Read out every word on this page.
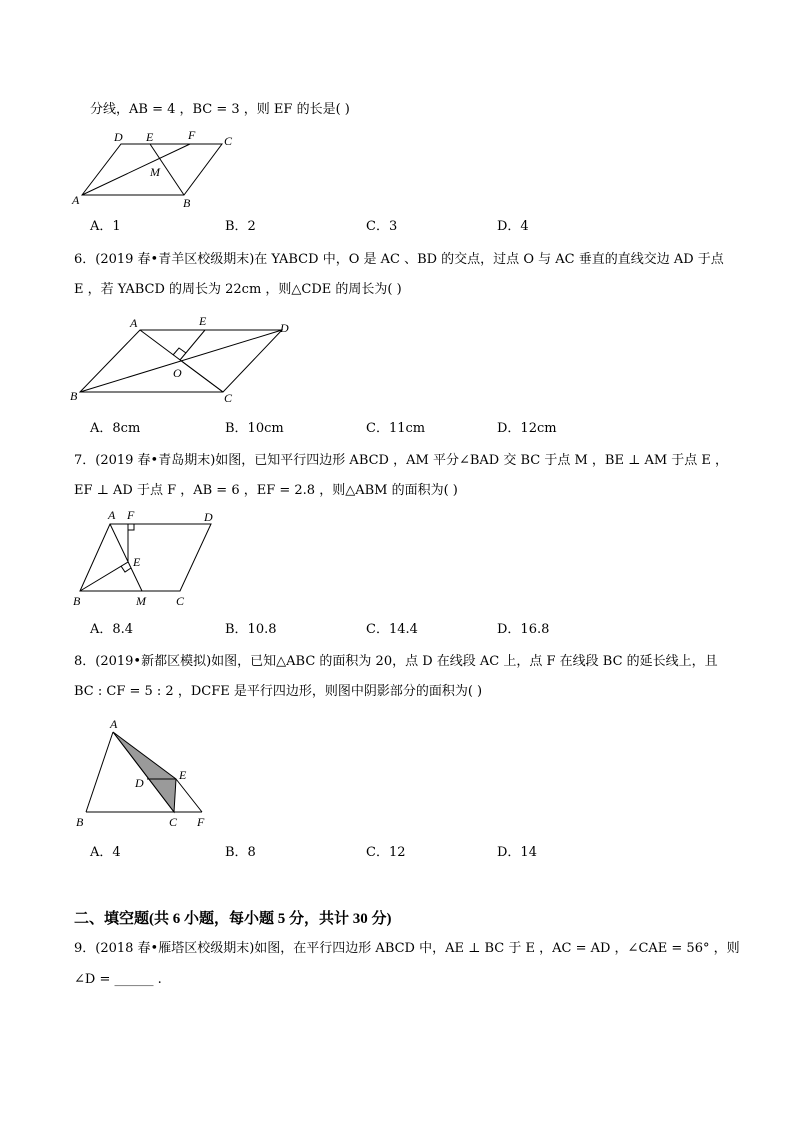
分线，AB = 4 ，BC = 3 ，则 EF 的长是( )
D E	F C
M
A	B
A．1	B．2	C．3	D．4
6．(2019 春•青羊区校级期末)在 YABCD 中，O 是 AC 、BD 的交点，过点 O 与 AC 垂直的直线交边 AD 于点
E ，若 YABCD 的周长为 22cm ，则△CDE 的周长为( )
A	E	D
O
B	C
A．8cm	B．10cm	C．11cm	D．12cm
7．(2019 春•青岛期末)如图，已知平行四边形 ABCD ，AM 平分∠BAD 交 BC 于点 M ，BE ⊥ AM 于点 E ，
EF ⊥ AD 于点 F ，AB = 6 ，EF = 2.8 ，则△ABM 的面积为( )
A F	D
E
B	M	C
A．8.4	B．10.8	C．14.4	D．16.8
8．(2019•新都区模拟)如图，已知△ABC 的面积为 20，点 D 在线段 AC 上，点 F 在线段 BC 的延长线上，且
BC : CF = 5 : 2 ，DCFE 是平行四边形，则图中阴影部分的面积为( )
A
D
E
B	C F
A．4	B．8	C．12	D．14
二、填空题(共 6 小题，每小题 5 分，共计 30 分)
9．(2018 春•雁塔区校级期末)如图，在平行四边形 ABCD 中，AE ⊥ BC 于 E ，AC = AD ，∠CAE = 56° ，则
∠D = ______ .
